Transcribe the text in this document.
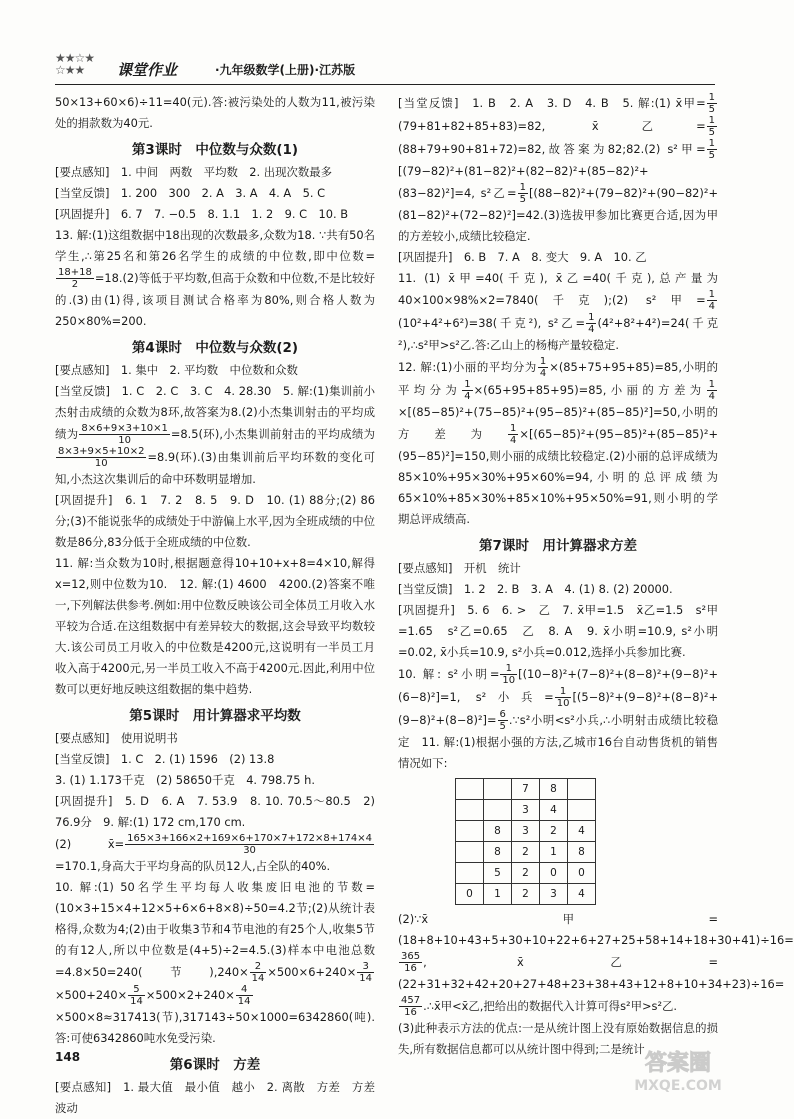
★★☆★
☆★★	课堂作业	·九年级数学(上册)·江苏版

50×13+60×6)÷11=40(元).答:被污染处的人数为11,被污染处的捐款数为40元.

第3课时　中位数与众数(1)

[要点感知]　1. 中间　两数　平均数　2. 出现次数最多

[当堂反馈]　1. 200　300　2. A　3. A　4. A　5. C

[巩固提升]　6. 7　7. −0.5　8. 1.1　1. 2　9. C　10. B

13. 解:(1)这组数据中18出现的次数最多,众数为18. ∵共有50名学生,∴第25名和第26名学生的成绩的中位数,即中位数=
$\frac{18+18}{2} =18.(2)$等低于平均数,但高于众数和中位数,不是比较好的.(3)由(1)得,该项目测试合格率为80%,则合格人数为250×80%=200.

第4课时　中位数与众数(2)

[要点感知]　1. 集中　2. 平均数　中位数和众数

[当堂反馈]　1. C　2. C　3. C　4. 28.30　5. 解:(1)集训前小杰射击成绩的众数为8环,故答案为8.(2)小杰集训射击的平均成绩为 $\frac{8\times 6+9\times 3+10\times 1}{10} =8.5$(环),小杰集训前射击的平均成绩为
$\frac{8\times 3+9\times 5+10\times 2}{10} =8.9$(环).(3)由集训前后平均环数的变化可知,小杰这次集训后的命中环数明显增加.

[巩固提升]　6. 1　7. 2　8. 5　9. D　10. (1) 88分;(2) 86分;(3)不能说张华的成绩处于中游偏上水平,因为全班成绩的中位数是86分,83分低于全班成绩的中位数.

11. 解:当众数为10时,根据题意得10+10+x+8=4×10,解得x=12,则中位数为10.　12. 解:(1) 4600　4200.(2)答案不唯一,下列解法供参考.例如:用中位数反映该公司全体员工月收入水平较为合适.在这组数据中有差异较大的数据,这会导致平均数较大.该公司员工月收入的中位数是4200元,这说明有一半员工月收入高于4200元,另一半员工收入不高于4200元.因此,利用中位数可以更好地反映这组数据的集中趋势.

第5课时　用计算器求平均数

[要点感知]　使用说明书

[当堂反馈]　1. C　2. (1) 1596　(2) 13.8

3. (1) 1.173千克　(2) 58650千克　4. 798.75 h.

[巩固提升]　5. D　6. A　7. 53.9　8. 10. 70.5～80.5　2) 76.9分　9. 解:(1) 172 cm,170 cm.

(2) x̄= $\frac{165\times 3+166\times 2+169\times 6+170\times 7+172\times 8+174\times 4}{30}$
=170.1,身高大于平均身高的队员12人,占全队的40%.

10. 解:(1) 50名学生平均每人收集废旧电池的节数=(10×3+15×4+12×5+6×6+8×8)÷50=4.2节;(2)从统计表格得,众数为4;(2)由于收集3节和4节电池的有25个人,收集5节的有12人,所以中位数是(4+5)÷2=4.5.(3)样本中电池总数=4.8×50=240(节)$,240\times \frac{2}{14} \times 500\times 6+240\times \frac{3}{14}$
$\times 500+240\times \frac{5}{14} \times 500\times 2+240\times \frac{4}{14}$
×500×8≈317413(节),317143÷50×1000=6342860(吨).答:可使6342860吨水免受污染.

第6课时　方差

[要点感知]　1. 最大值　最小值　越小　2. 离散　方差　方差　波动

[当堂反馈]　1. B　2. A　3. D　4. B　5. 解:(1) x̄甲= $\frac{1}{5}$
(79+81+82+85+83)=82, x̄乙= $\frac{1}{5}$
(88+79+90+81+72)=82,故答案为82;82.(2) s²甲= $\frac{1}{5}$
[(79−82)²+(81−82)²+(82−82)²+(85−82)²+(83−82)²]=4, s²乙= $\frac{1}{5} [(88-82)^2+(79-82)^2+(90-82)^2+(81-82)^2+(72-82)^2]=42.(3)$选拔甲参加比赛更合适,因为甲的方差较小,成绩比较稳定.

[巩固提升]　6. B　7. A　8. 变大　9. A　10. 乙

11. (1) x̄甲=40(千克), x̄乙=40(千克),总产量为40×100×98%×2=7840(千克);(2) s²甲= $\frac{1}{4}$
(10²+4²+6²)=38(千克²), s²乙= $\frac{1}{4} (4^2+8^2+4^2)=24$(千克²),∴s²甲>s²乙.答:乙山上的杨梅产量较稳定.

12. 解:(1)小丽的平均分为 $\frac{1}{4} \times(85+75+95+85)=85$,小明的平均分为 $\frac{1}{4} \times(65+95+85+95)=85$,小丽的方差为 $\frac{1}{4}$
×[(85−85)²+(75−85)²+(95−85)²+(85−85)²]=50,小明的方差为 $\frac{1}{4} \times[(65-85)^2+(95-85)^2+(85-85)^2+(95-85)^2]=150$,则小丽的成绩比较稳定.(2)小丽的总评成绩为85×10%+95×30%+95×60%=94,小明的总评成绩为65×10%+85×30%+85×10%+95×50%=91,则小明的学期总评成绩高.

第7课时　用计算器求方差

[要点感知]　开机　统计

[当堂反馈]　1. 2　2. B　3. A　4. (1) 8. (2) 20000.

[巩固提升]　5. 6　6. >　乙　7. x̄甲=1.5　x̄乙=1.5　s²甲=1.65　s²乙=0.65　乙　8. A　9. x̄小明=10.9, s²小明=0.02, x̄小兵=10.9, s²小兵=0.012,选择小兵参加比赛.

10. 解: s²小明= $\frac{1}{10} [(10-8)^2+(7-8)^2+(8-8)^2+(9-8)^2+(6-8)^2]=1$, s²小兵= $\frac{1}{10} [(5-8)^2+(9-8)^2+(8-8)^2+(9-8)^2+(8-8)^2]= \frac{6}{5}$ .∵s²小明<s²小兵,∴小明射击成绩比较稳定　11. 解:(1)根据小强的方法,乙城市16台自动售货机的销售情况如下:

		7	8	
		3	4	
	8	3	2	4
	8	2	1	8
	5	2	0	0
0	1	2	3	4

(2)∵x̄甲=(18+8+10+43+5+30+10+22+6+27+25+58+14+18+30+41)÷16=
$\frac{365}{16}$ , x̄乙=(22+31+32+42+20+27+48+23+38+43+12+8+10+34+23)÷16=
$\frac{457}{16}$ .∴x̄甲<x̄乙,把给出的数据代入计算可得s²甲>s²乙.

(3)此种表示方法的优点:一是从统计图上没有原始数据信息的损失,所有数据信息都可以从统计图中得到;二是统计

148	答案圈
MXQE.COM
